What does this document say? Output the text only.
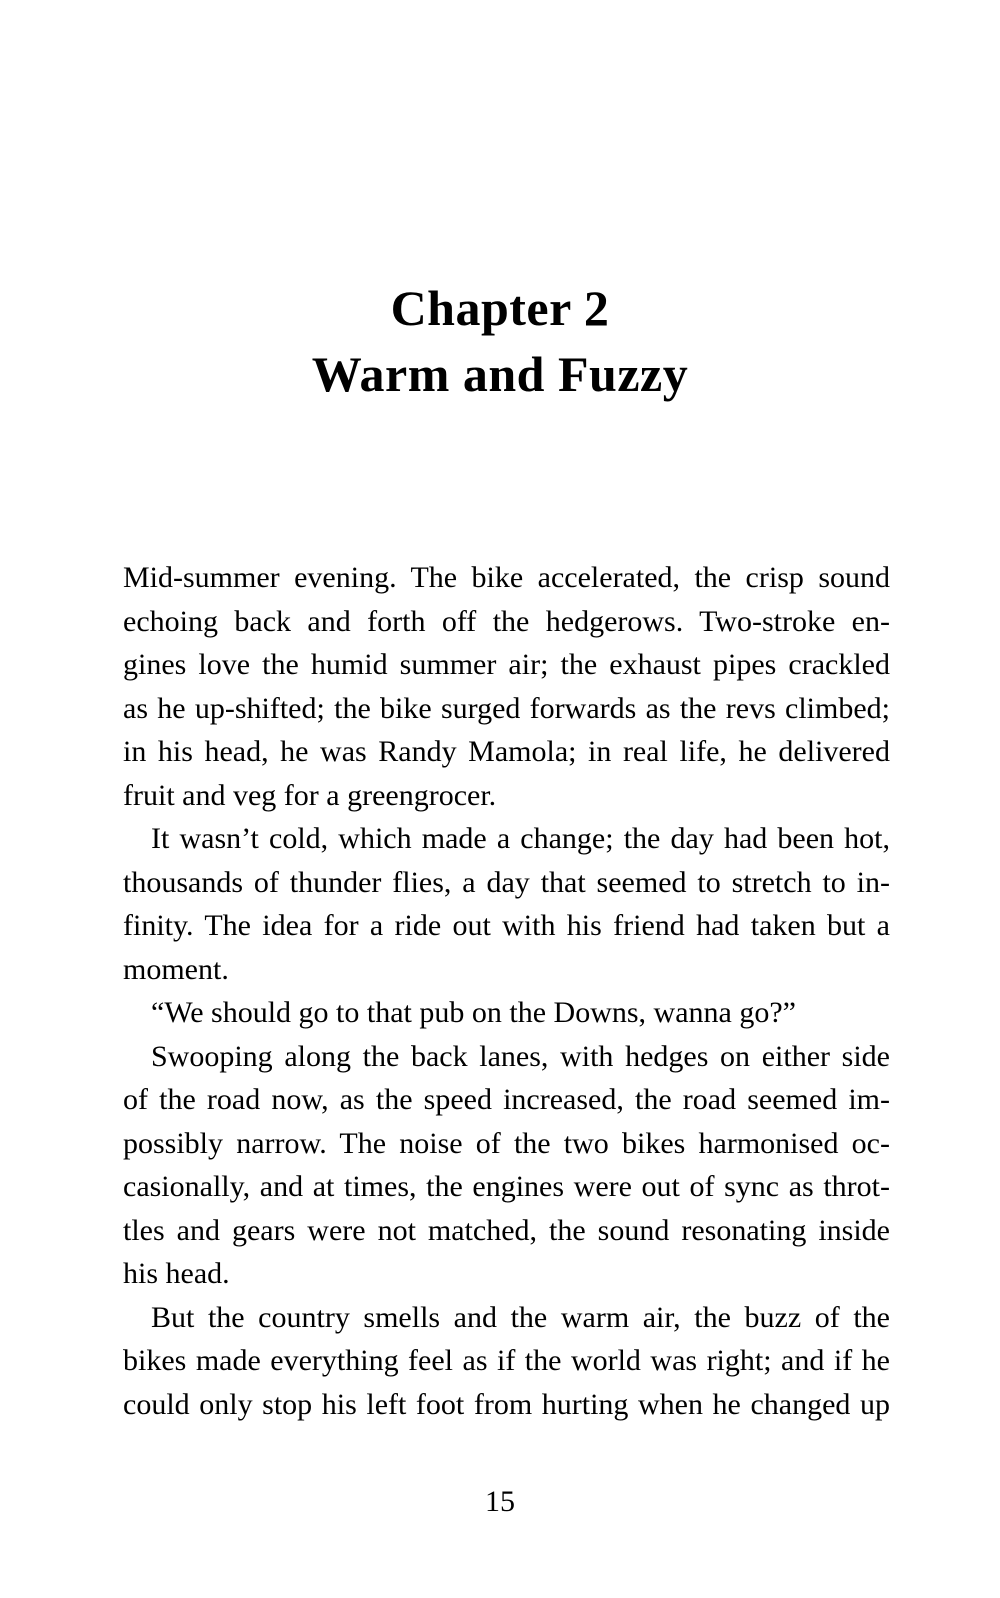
Chapter 2
Warm and Fuzzy
Mid-summer evening. The bike accelerated, the crisp sound
echoing back and forth off the hedgerows. Two-stroke en-
gines love the humid summer air; the exhaust pipes crackled
as he up-shifted; the bike surged forwards as the revs climbed;
in his head, he was Randy Mamola; in real life, he delivered
fruit and veg for a greengrocer.
It wasn’t cold, which made a change; the day had been hot,
thousands of thunder flies, a day that seemed to stretch to in-
finity. The idea for a ride out with his friend had taken but a
moment.
“We should go to that pub on the Downs, wanna go?”
Swooping along the back lanes, with hedges on either side
of the road now, as the speed increased, the road seemed im-
possibly narrow. The noise of the two bikes harmonised oc-
casionally, and at times, the engines were out of sync as throt-
tles and gears were not matched, the sound resonating inside
his head.
But the country smells and the warm air, the buzz of the
bikes made everything feel as if the world was right; and if he
could only stop his left foot from hurting when he changed up
15
